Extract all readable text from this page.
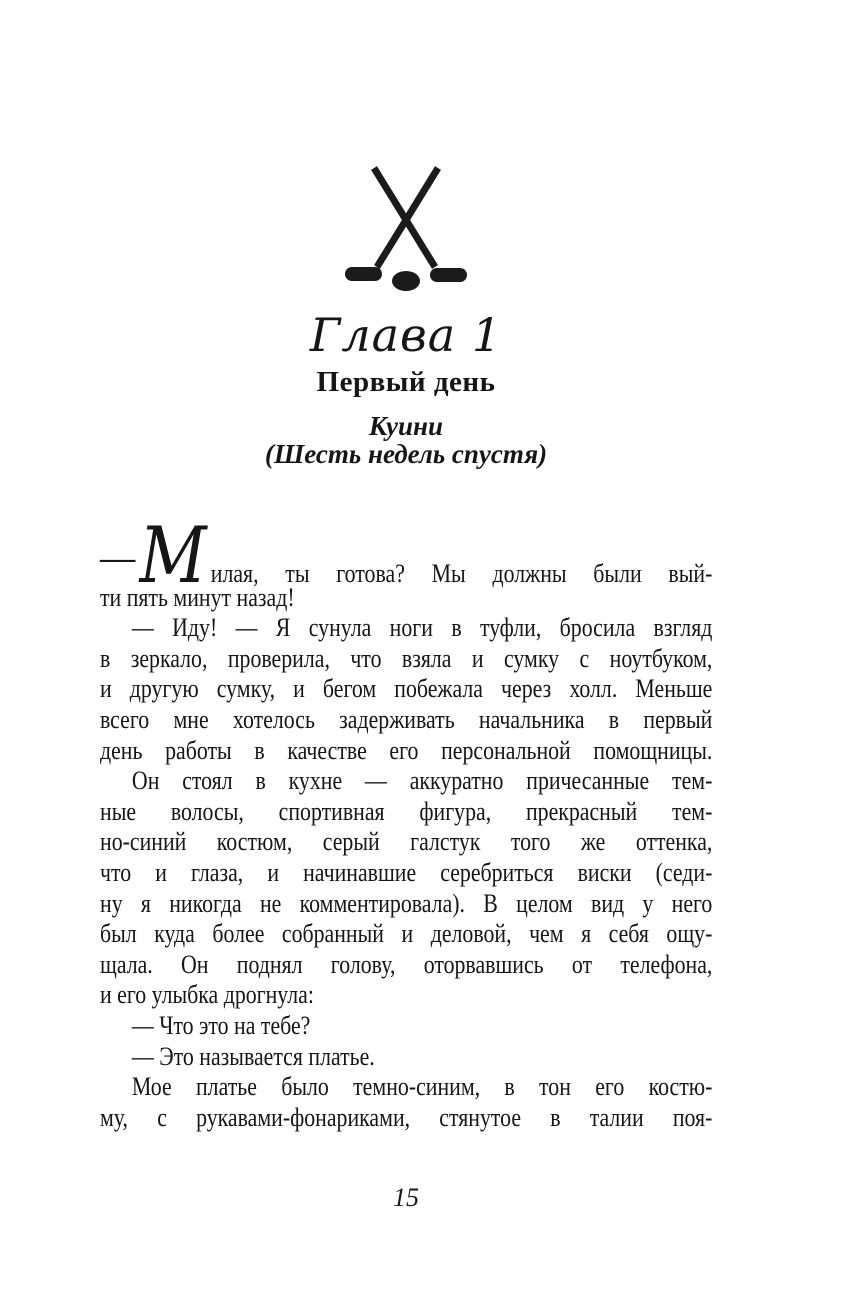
Глава 1
Первый день
Куини
(Шесть недель спустя)
—М илая, ты готова? Мы должны были вый-
ти пять минут назад!
— Иду! — Я сунула ноги в туфли, бросила взгляд
в зеркало, проверила, что взяла и сумку с ноутбуком,
и другую сумку, и бегом побежала через холл. Меньше
всего мне хотелось задерживать начальника в первый
день работы в качестве его персональной помощницы.
Он стоял в кухне — аккуратно причесанные тем-
ные волосы, спортивная фигура, прекрасный тем-
но-синий костюм, серый галстук того же оттенка,
что и глаза, и начинавшие серебриться виски (седи-
ну я никогда не комментировала). В целом вид у него
был куда более собранный и деловой, чем я себя ощу-
щала. Он поднял голову, оторвавшись от телефона,
и его улыбка дрогнула:
— Что это на тебе?
— Это называется платье.
Мое платье было темно-синим, в тон его костю-
му, с рукавами-фонариками, стянутое в талии поя-
15
